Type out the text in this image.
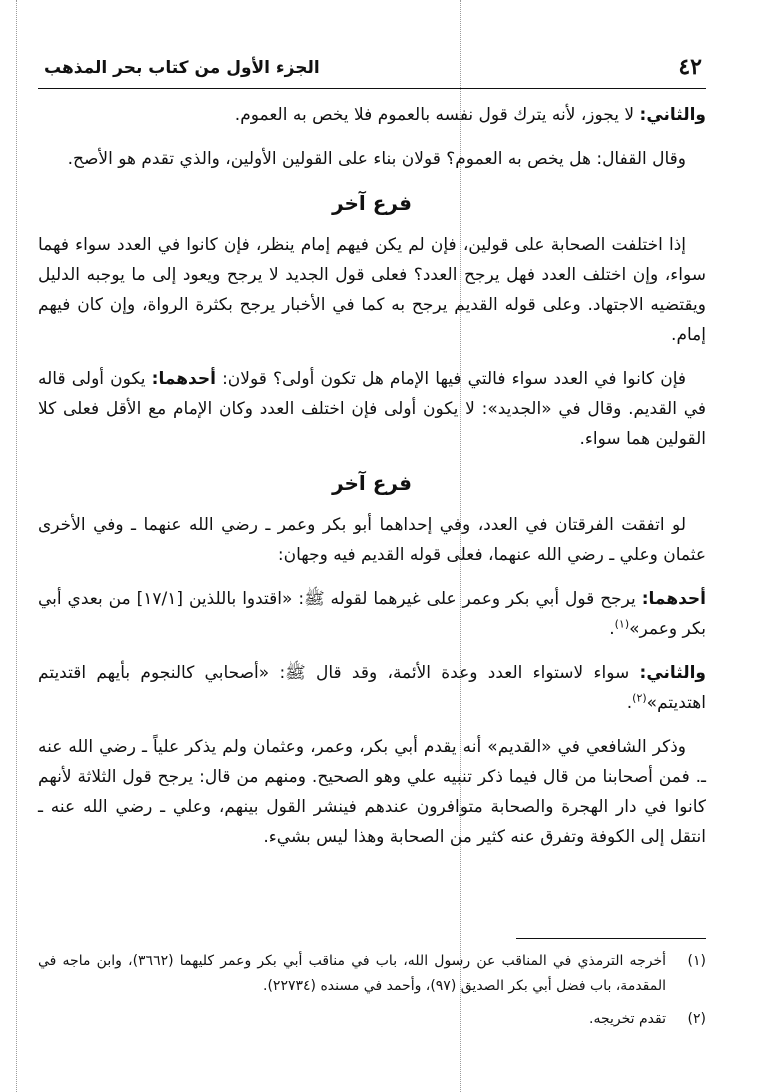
٤٢
الجزء الأول من كتاب بحر المذهب

والثاني: لا يجوز، لأنه يترك قول نفسه بالعموم فلا يخص به العموم.

وقال القفال: هل يخص به العموم؟ قولان بناء على القولين الأولين، والذي تقدم هو الأصح.

فرع آخر

إذا اختلفت الصحابة على قولين، فإن لم يكن فيهم إمام ينظر، فإن كانوا في العدد سواء فهما سواء، وإن اختلف العدد فهل يرجح العدد؟ فعلى قول الجديد لا يرجح ويعود إلى ما يوجبه الدليل ويقتضيه الاجتهاد. وعلى قوله القديم يرجح به كما في الأخبار يرجح بكثرة الرواة، وإن كان فيهم إمام.

فإن كانوا في العدد سواء فالتي فيها الإمام هل تكون أولى؟ قولان: أحدهما: يكون أولى قاله في القديم. وقال في «الجديد»: لا يكون أولى فإن اختلف العدد وكان الإمام مع الأقل فعلى كلا القولين هما سواء.

فرع آخر

لو اتفقت الفرقتان في العدد، وفي إحداهما أبو بكر وعمر ـ رضي الله عنهما ـ وفي الأخرى عثمان وعلي ـ رضي الله عنهما، فعلى قوله القديم فيه وجهان:

أحدهما: يرجح قول أبي بكر وعمر على غيرهما لقوله ﷺ: «اقتدوا باللذين [١٧/١] من بعدي أبي بكر وعمر»$^{(١)}$.

والثاني: سواء لاستواء العدد وعدة الأئمة، وقد قال ﷺ: «أصحابي كالنجوم بأيهم اقتديتم اهتديتم»$^{(٢)}$.

وذكر الشافعي في «القديم» أنه يقدم أبي بكر، وعمر، وعثمان ولم يذكر علياً ـ رضي الله عنه ـ. فمن أصحابنا من قال فيما ذكر تنبيه علي وهو الصحيح. ومنهم من قال: يرجح قول الثلاثة لأنهم كانوا في دار الهجرة والصحابة متوافرون عندهم فينشر القول بينهم، وعلي ـ رضي الله عنه ـ انتقل إلى الكوفة وتفرق عنه كثير من الصحابة وهذا ليس بشيء.

(١)
أخرجه الترمذي في المناقب عن رسول الله، باب في مناقب أبي بكر وعمر كليهما (٣٦٦٢)، وابن ماجه في المقدمة، باب فضل أبي بكر الصديق (٩٧)، وأحمد في مسنده (٢٢٧٣٤).
(٢)
تقدم تخريجه.
